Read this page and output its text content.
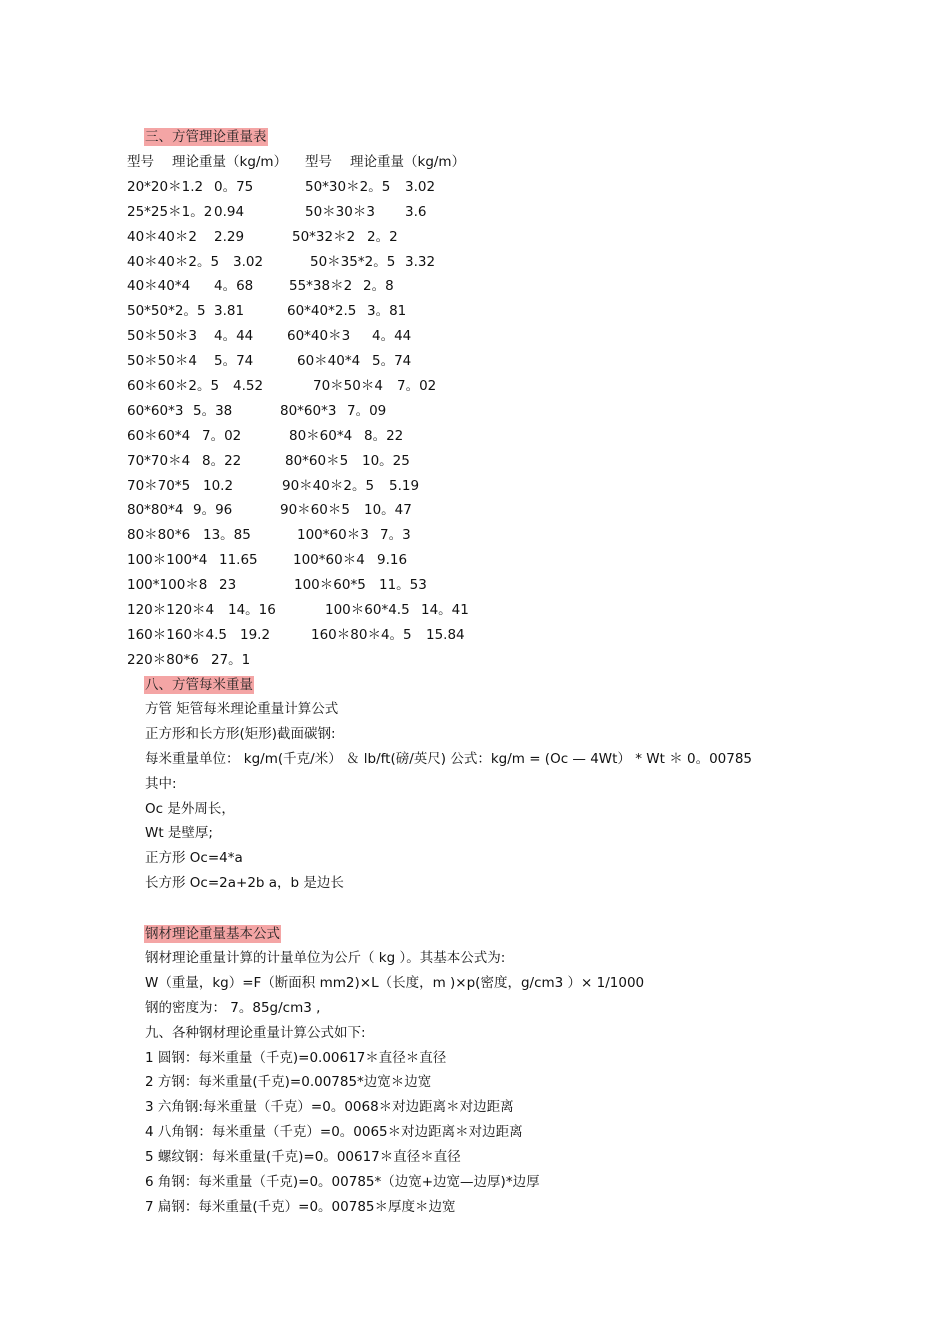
三、方管理论重量表
型号 理论重量（kg/m） 型号 理论重量（kg/m）
20*20＊1.2 0。75	50*30＊2。5 3.02
25*25＊1。2 0.94	50＊30＊3 3.6
40＊40＊2 2.29	50*32＊2 2。2
40＊40＊2。5 3.02	50＊35*2。5 3.32
40＊40*4 4。68	55*38＊2 2。8
50*50*2。5 3.81	60*40*2.5 3。81
50＊50＊3 4。44 60*40＊3 4。44
50＊50＊4 5。74	60＊40*4 5。74
60＊60＊2。5 4.52	70＊50＊4 7。02
60*60*3 5。38	80*60*3 7。09
60＊60*4 7。02	80＊60*4 8。22
70*70＊4 8。22	80*60＊5 10。25
70＊70*5 10.2	90＊40＊2。5 5.19
80*80*4 9。96	90＊60＊5 10。47
80＊80*6 13。85	100*60＊3 7。3
100＊100*4 11.65	100*60＊4 9.16
100*100＊8 23	100＊60*5 11。53
120＊120＊4 14。16	100＊60*4.5 14。41
160＊160＊4.5 19.2	160＊80＊4。5 15.84
220＊80*6 27。1
八、方管每米重量
方管 矩管每米理论重量计算公式
正方形和长方形(矩形)截面碳钢:
每米重量单位： kg/m(千克/米） ＆ lb/ft(磅/英尺) 公式：kg/m = (Oc — 4Wt） * Wt ＊ 0。00785
其中:
Oc 是外周长，
Wt 是壁厚;
正方形 Oc=4*a
长方形 Oc=2a+2b a，b 是边长
钢材理论重量基本公式
钢材理论重量计算的计量单位为公斤（ kg ）。其基本公式为:
W（重量，kg）=F（断面积 mm2)×L（长度，m )×p(密度，g/cm3 ）× 1/1000
钢的密度为： 7。85g/cm3 ,
九、各种钢材理论重量计算公式如下:
1 圆钢：每米重量（千克)=0.00617＊直径＊直径
2 方钢：每米重量(千克)=0.00785*边宽＊边宽
3 六角钢:每米重量（千克）=0。0068＊对边距离＊对边距离
4 八角钢：每米重量（千克）=0。0065＊对边距离＊对边距离
5 螺纹钢：每米重量(千克)=0。00617＊直径＊直径
6 角钢：每米重量（千克)=0。00785*（边宽+边宽—边厚)*边厚
7 扁钢：每米重量(千克）=0。00785＊厚度＊边宽
